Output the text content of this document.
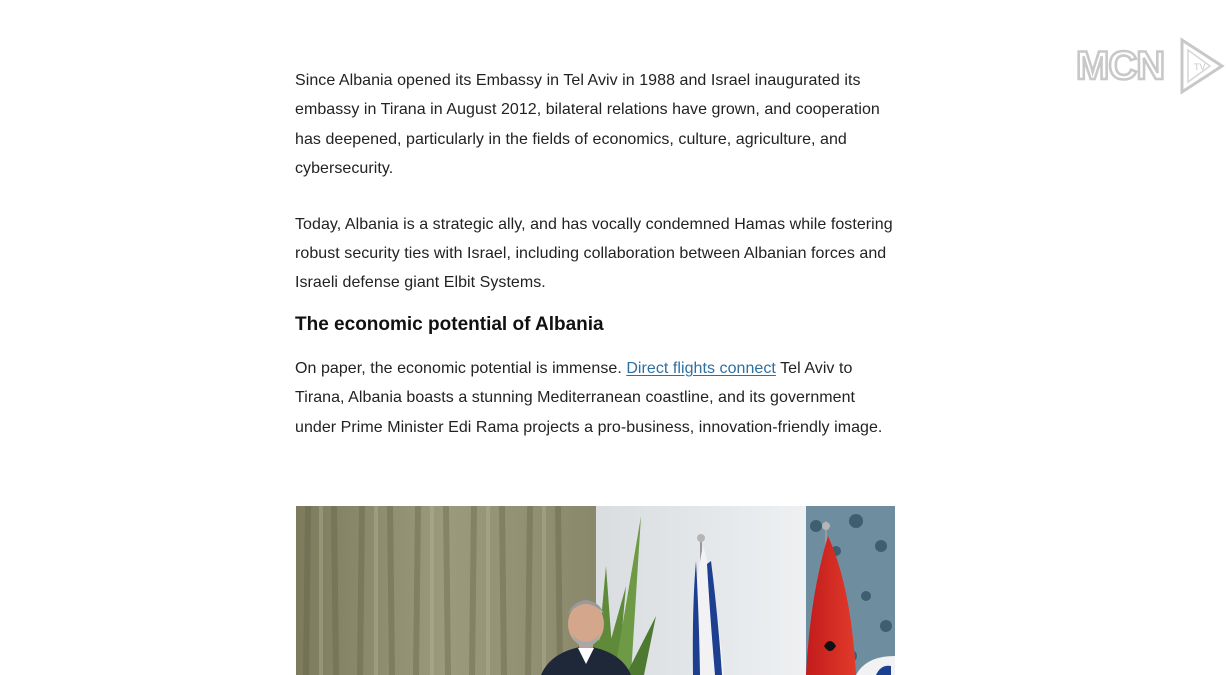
MCN	TV

Since Albania opened its Embassy in Tel Aviv in 1988 and Israel inaugurated its embassy in Tirana in August 2012, bilateral relations have grown, and cooperation has deepened, particularly in the fields of economics, culture, agriculture, and cybersecurity.

Today, Albania is a strategic ally, and has vocally condemned Hamas while fostering robust security ties with Israel, including collaboration between Albanian forces and Israeli defense giant Elbit Systems.

The economic potential of Albania

On paper, the economic potential is immense. Direct flights connect Tel Aviv to Tirana, Albania boasts a stunning Mediterranean coastline, and its government under Prime Minister Edi Rama projects a pro-business, innovation-friendly image.
